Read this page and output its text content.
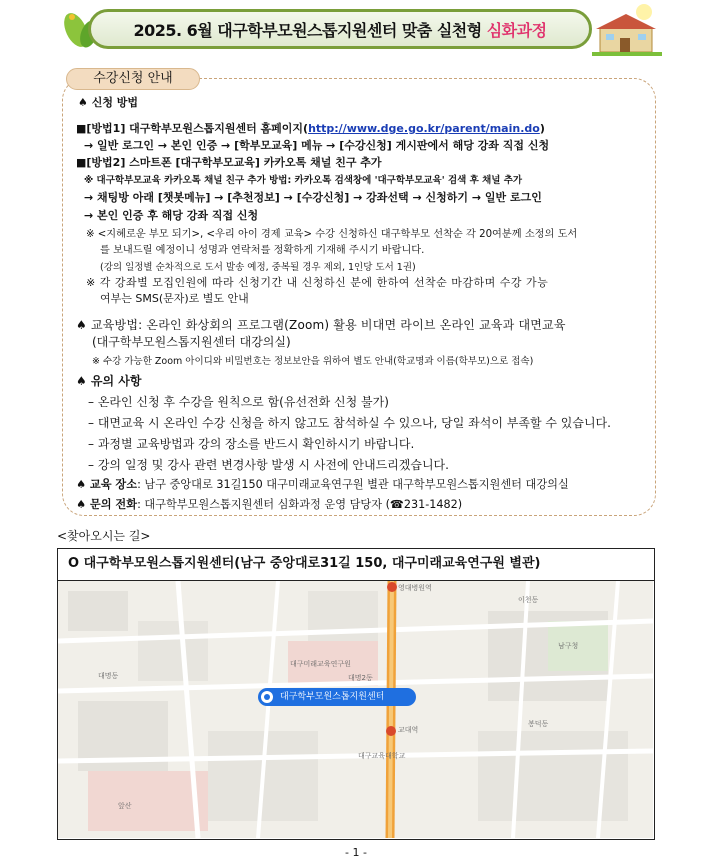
2025. 6월 대구학부모원스톱지원센터 맞춤 실천형 심화과정
수강신청 안내
♠ 신청 방법
■[방법1] 대구학부모원스톱지원센터 홈페이지(http://www.dge.go.kr/parent/main.do)
→ 일반 로그인 → 본인 인증 → [학부모교육] 메뉴 → [수강신청] 게시판에서 해당 강좌 직접 신청
■[방법2] 스마트폰 [대구학부모교육] 카카오톡 채널 친구 추가
※ 대구학부모교육 카카오톡 채널 친구 추가 방법: 카카오톡 검색창에 '대구학부모교육' 검색 후 채널 추가
→ 채팅방 아래 [챗봇메뉴] → [추천정보] → [수강신청] → 강좌선택 → 신청하기 → 일반 로그인
→ 본인 인증 후 해당 강좌 직접 신청
※ <지혜로운 부모 되기>, <우리 아이 경제 교육> 수강 신청하신 대구학부모 선착순 각 20여분께 소정의 도서
를 보내드릴 예정이니 성명과 연락처를 정확하게 기재해 주시기 바랍니다.
(강의 일정별 순차적으로 도서 발송 예정, 중복될 경우 제외, 1인당 도서 1권)
※ 각 강좌별 모집인원에 따라 신청기간 내 신청하신 분에 한하여 선착순 마감하며 수강 가능
여부는 SMS(문자)로 별도 안내
♠ 교육방법: 온라인 화상회의 프로그램(Zoom) 활용 비대면 라이브 온라인 교육과 대면교육
(대구학부모원스톱지원센터 대강의실)
※ 수강 가능한 Zoom 아이디와 비밀번호는 정보보안을 위하여 별도 안내(학교명과 이름(학부모)으로 접속)
♠ 유의 사항
– 온라인 신청 후 수강을 원칙으로 함(유선전화 신청 불가)
– 대면교육 시 온라인 수강 신청을 하지 않고도 참석하실 수 있으나, 당일 좌석이 부족할 수 있습니다.
– 과정별 교육방법과 강의 장소를 반드시 확인하시기 바랍니다.
– 강의 일정 및 강사 관련 변경사항 발생 시 사전에 안내드리겠습니다.
♠ 교육 장소: 남구 중앙대로 31길150 대구미래교육연구원 별관 대구학부모원스톱지원센터 대강의실
♠ 문의 전화: 대구학부모원스톱지원센터 심화과정 운영 담당자 (☎231-1482)
<찾아오시는 길>
O 대구학부모원스톱지원센터(남구 중앙대로31길 150, 대구미래교육연구원 별관)
영대병원역
대구미래교육연구원
대명동
이천동
교대역
봉덕동
대구교육대학교
대명2동
남구청
앞산
대구학부모원스톱지원센터
- 1 -
